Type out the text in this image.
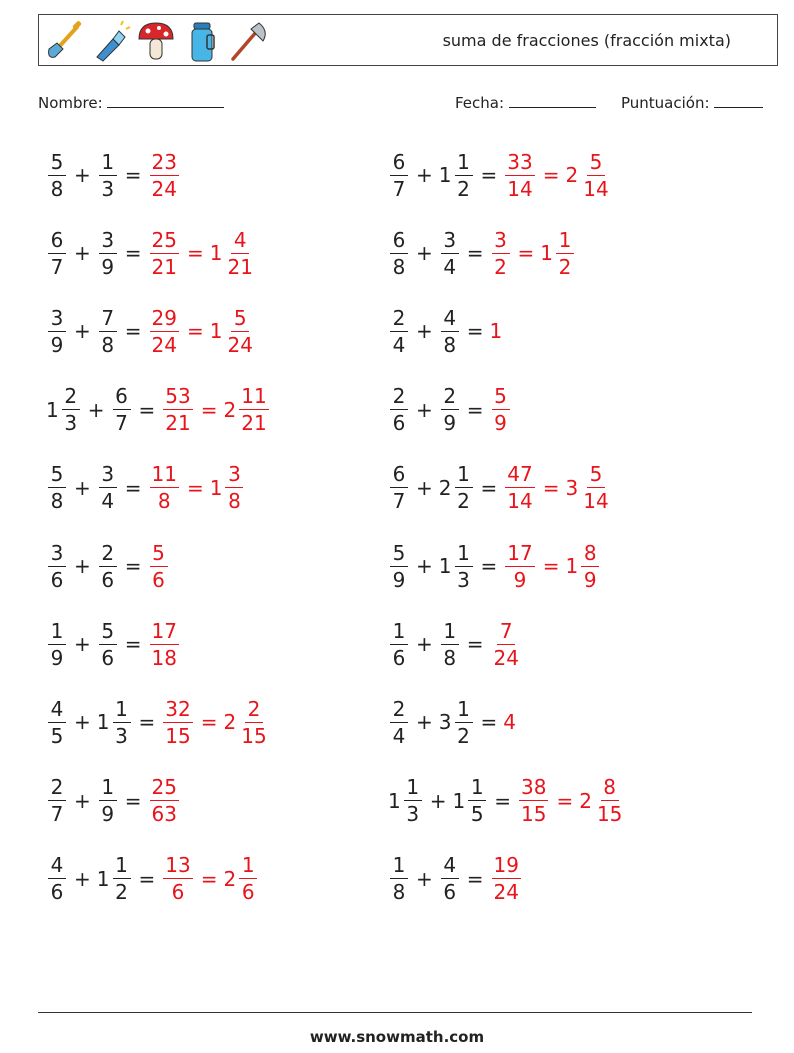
suma de fracciones (fracción mixta)
Nombre:	Fecha:	Puntuación:
$\frac{5}{8} + \frac{1}{3} = \frac{23}{24}$	$\frac{6}{7} + 1 \frac{1}{2} = \frac{33}{14} = 2 \frac{5}{14}$
$\frac{6}{7} + \frac{3}{9} = \frac{25}{21} = 1 \frac{4}{21}$	$\frac{6}{8} + \frac{3}{4} = \frac{3}{2} = 1 \frac{1}{2}$
$\frac{3}{9} + \frac{7}{8} = \frac{29}{24} = 1 \frac{5}{24}$	$\frac{2}{4} + \frac{4}{8} = 1$
$1 \frac{2}{3} + \frac{6}{7} = \frac{53}{21} = 2 \frac{11}{21}$	$\frac{2}{6} + \frac{2}{9} = \frac{5}{9}$
$\frac{5}{8} + \frac{3}{4} = \frac{11}{8} = 1 \frac{3}{8}$	$\frac{6}{7} + 2 \frac{1}{2} = \frac{47}{14} = 3 \frac{5}{14}$
$\frac{3}{6} + \frac{2}{6} = \frac{5}{6}$	$\frac{5}{9} + 1 \frac{1}{3} = \frac{17}{9} = 1 \frac{8}{9}$
$\frac{1}{9} + \frac{5}{6} = \frac{17}{18}$	$\frac{1}{6} + \frac{1}{8} = \frac{7}{24}$
$\frac{4}{5} + 1 \frac{1}{3} = \frac{32}{15} = 2 \frac{2}{15}$	$\frac{2}{4} + 3 \frac{1}{2} = 4$
$\frac{2}{7} + \frac{1}{9} = \frac{25}{63}$	$1 \frac{1}{3} + 1 \frac{1}{5} = \frac{38}{15} = 2 \frac{8}{15}$
$\frac{4}{6} + 1 \frac{1}{2} = \frac{13}{6} = 2 \frac{1}{6}$	$\frac{1}{8} + \frac{4}{6} = \frac{19}{24}$
www.snowmath.com
